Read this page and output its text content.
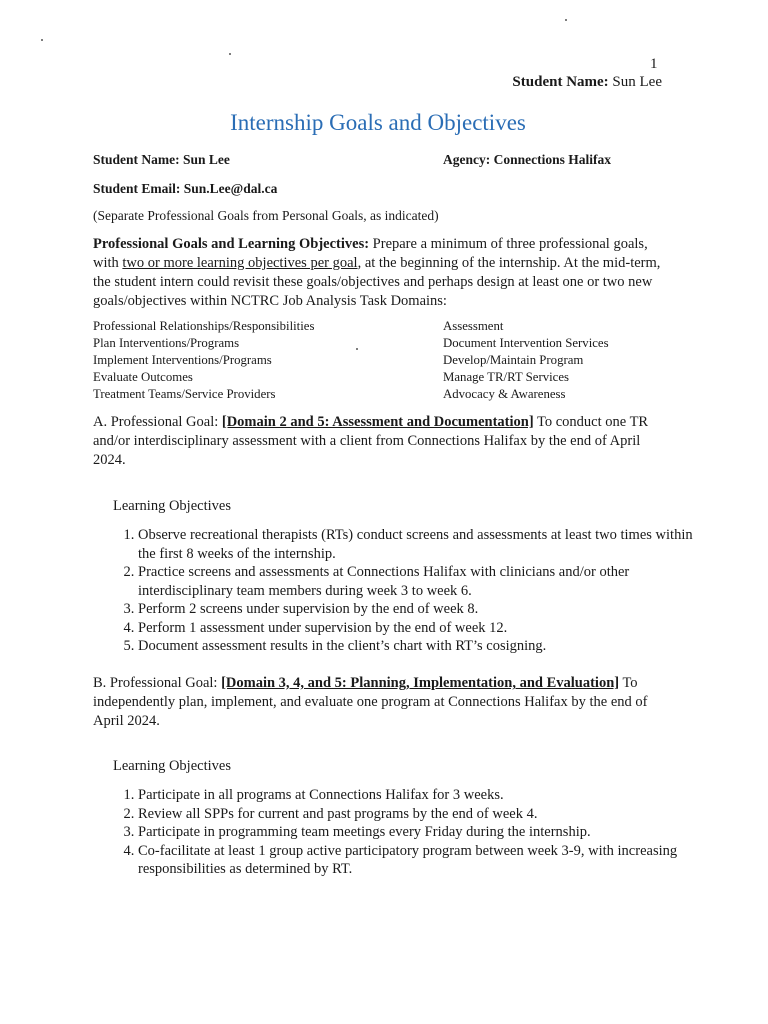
1
Student Name: Sun Lee
Internship Goals and Objectives
Student Name: Sun Lee	Agency: Connections Halifax
Student Email: Sun.Lee@dal.ca
(Separate Professional Goals from Personal Goals, as indicated)
Professional Goals and Learning Objectives: Prepare a minimum of three professional goals, with two or more learning objectives per goal, at the beginning of the internship. At the mid-term, the student intern could revisit these goals/objectives and perhaps design at least one or two new goals/objectives within NCTRC Job Analysis Task Domains:
Professional Relationships/Responsibilities
Plan Interventions/Programs
Implement Interventions/Programs
Evaluate Outcomes
Treatment Teams/Service Providers
Assessment
Document Intervention Services
Develop/Maintain Program
Manage TR/RT Services
Advocacy & Awareness
A. Professional Goal: [Domain 2 and 5: Assessment and Documentation] To conduct one TR and/or interdisciplinary assessment with a client from Connections Halifax by the end of April 2024.
Learning Objectives
1. Observe recreational therapists (RTs) conduct screens and assessments at least two times within the first 8 weeks of the internship.
2. Practice screens and assessments at Connections Halifax with clinicians and/or other interdisciplinary team members during week 3 to week 6.
3. Perform 2 screens under supervision by the end of week 8.
4. Perform 1 assessment under supervision by the end of week 12.
5. Document assessment results in the client’s chart with RT’s cosigning.
B. Professional Goal: [Domain 3, 4, and 5: Planning, Implementation, and Evaluation] To independently plan, implement, and evaluate one program at Connections Halifax by the end of April 2024.
Learning Objectives
1. Participate in all programs at Connections Halifax for 3 weeks.
2. Review all SPPs for current and past programs by the end of week 4.
3. Participate in programming team meetings every Friday during the internship.
4. Co-facilitate at least 1 group active participatory program between week 3-9, with increasing responsibilities as determined by RT.
